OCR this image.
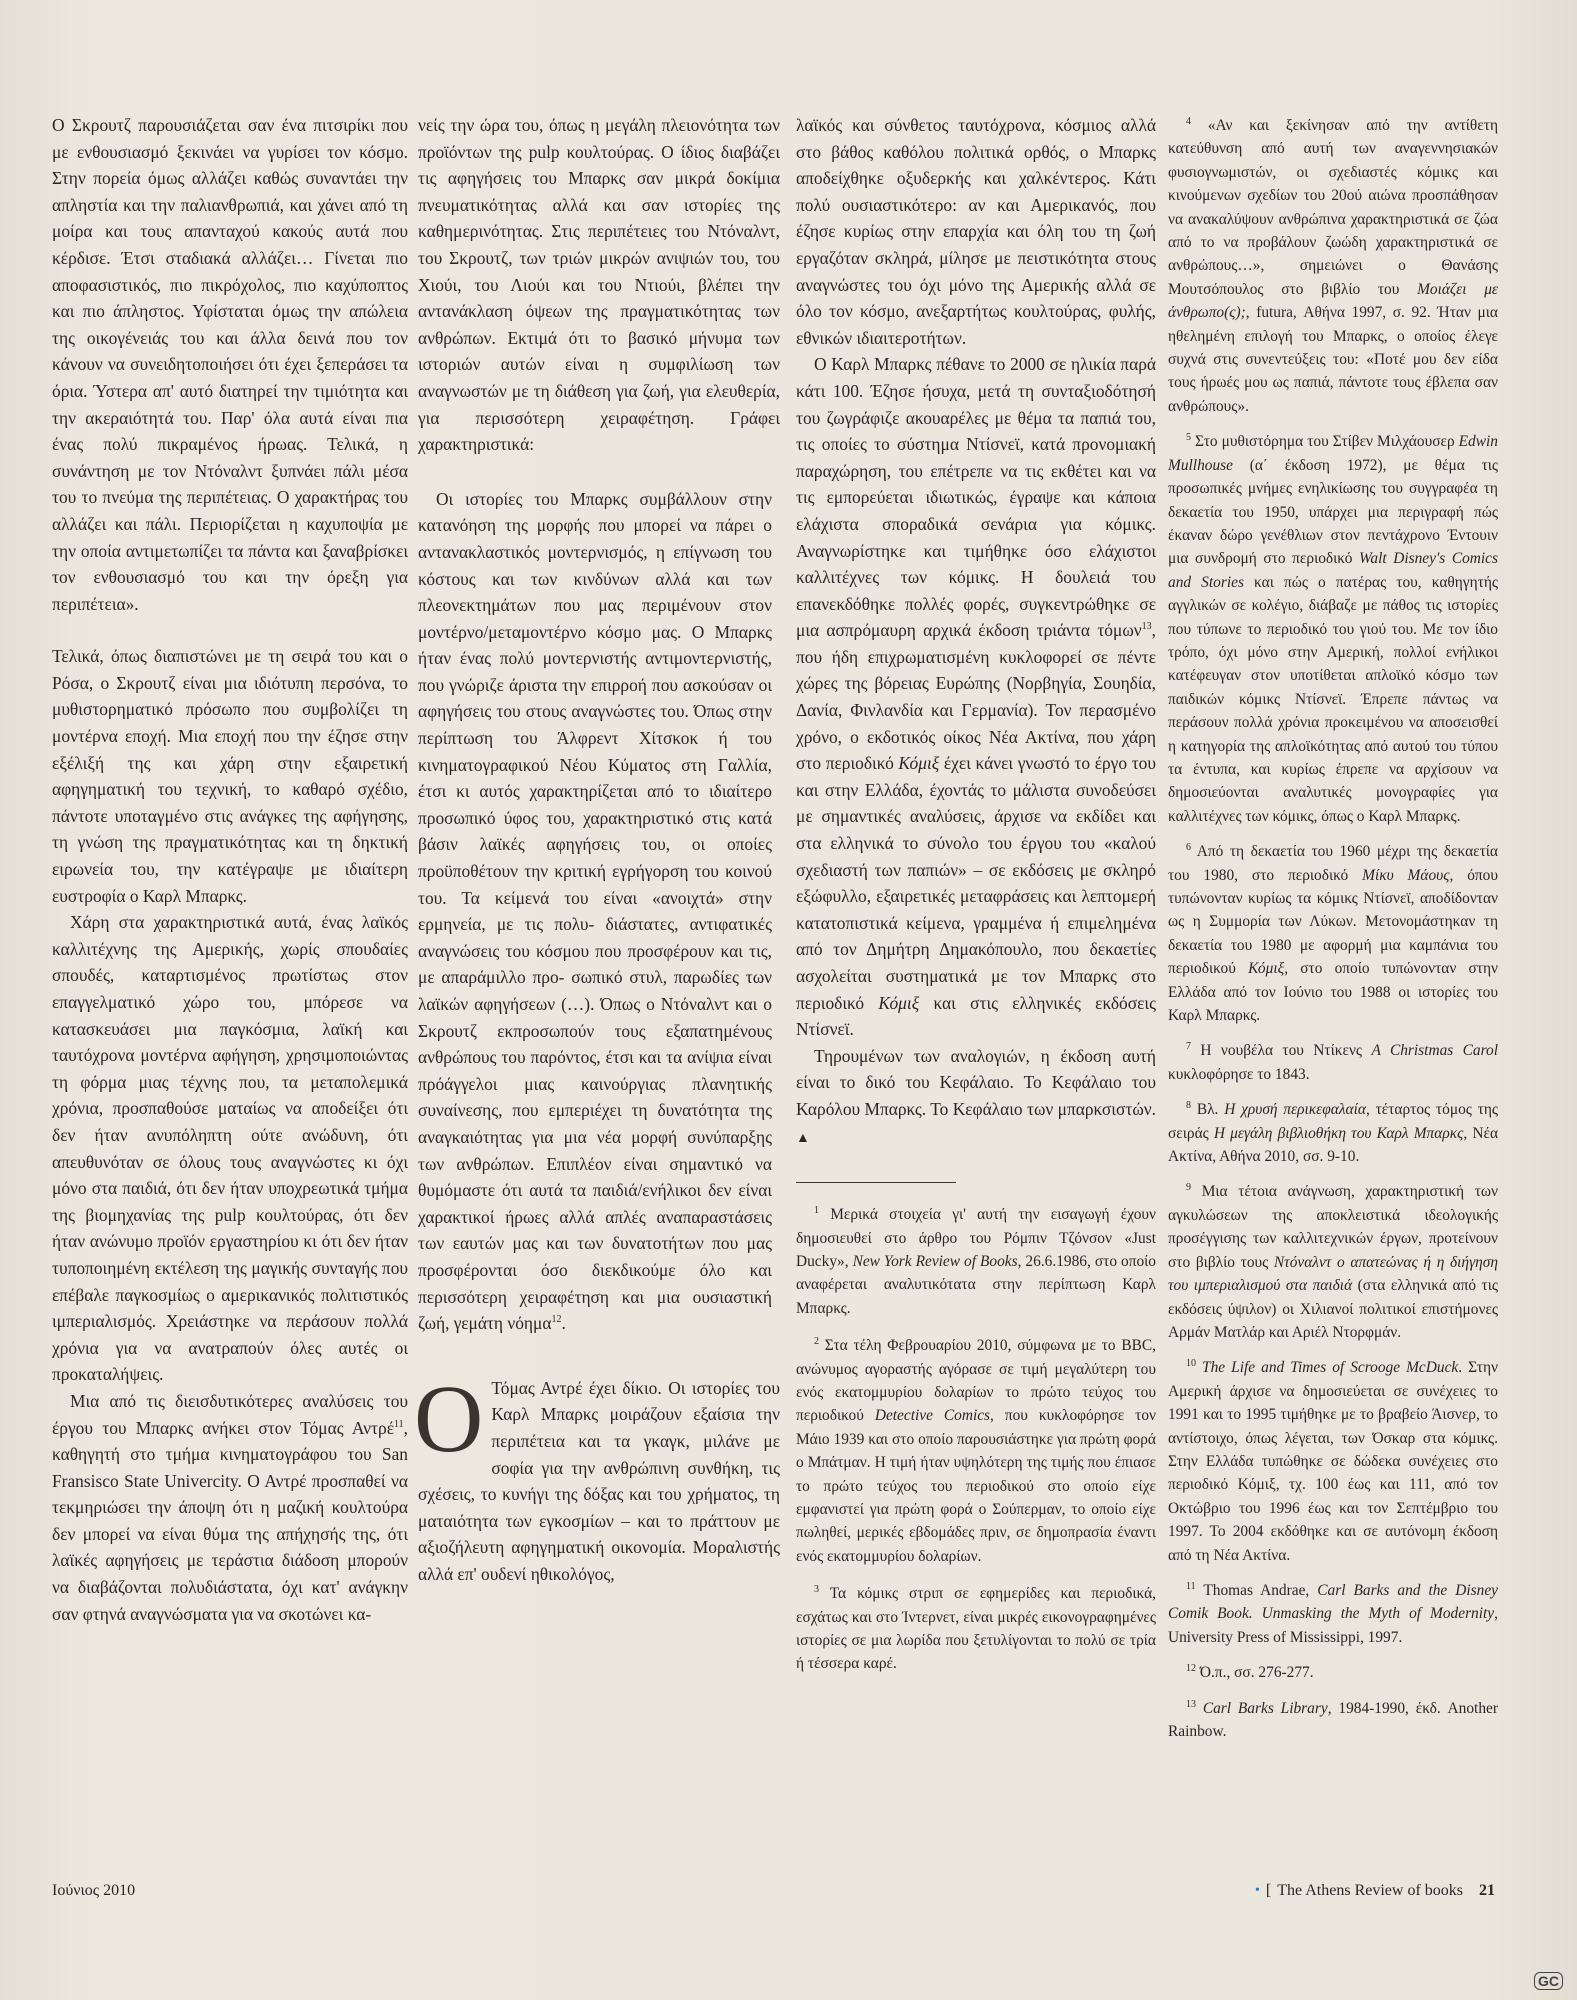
Ο Σκρουτζ παρουσιάζεται σαν ένα πιτσιρίκι που με ενθουσιασμό ξεκινάει να γυρίσει τον κόσμο. Στην πορεία όμως αλλάζει καθώς συναντάει την απληστία και την παλιανθρωπιά, και χάνει από τη μοίρα και τους απανταχού κακούς αυτά που κέρδισε. Έτσι σταδιακά αλλάζει… Γίνεται πιο αποφασιστικός, πιο πικρόχολος, πιο καχύποπτος και πιο άπληστος. Υφίσταται όμως την απώλεια της οικογένειάς του και άλλα δεινά που τον κάνουν να συνειδητοποιήσει ότι έχει ξεπεράσει τα όρια. Ύστερα απ' αυτό διατηρεί την τιμιότητα και την ακεραιότητά του. Παρ' όλα αυτά είναι πια ένας πολύ πικραμένος ήρωας. Τελικά, η συνάντηση με τον Ντόναλντ ξυπνάει πάλι μέσα του το πνεύμα της περιπέτειας. Ο χαρακτήρας του αλλάζει και πάλι. Περιορίζεται η καχυποψία με την οποία αντιμετωπίζει τα πάντα και ξαναβρίσκει τον ενθουσιασμό του και την όρεξη για περιπέτεια».

Τελικά, όπως διαπιστώνει με τη σειρά του και ο Ρόσα, ο Σκρουτζ είναι μια ιδιότυπη περσόνα, το μυθιστορηματικό πρόσωπο που συμβολίζει τη μοντέρνα εποχή. Μια εποχή που την έζησε στην εξέλιξή της και χάρη στην εξαιρετική αφηγηματική του τεχνική, το καθαρό σχέδιο, πάντοτε υποταγμένο στις ανάγκες της αφήγησης, τη γνώση της πραγματικότητας και τη δηκτική ειρωνεία του, την κατέγραψε με ιδιαίτερη ευστροφία ο Καρλ Μπαρκς.

Χάρη στα χαρακτηριστικά αυτά, ένας λαϊκός καλλιτέχνης της Αμερικής, χωρίς σπουδαίες σπουδές, καταρτισμένος πρωτίστως στον επαγγελματικό χώρο του, μπόρεσε να κατασκευάσει μια παγκόσμια, λαϊκή και ταυτόχρονα μοντέρνα αφήγηση, χρησιμοποιώντας τη φόρμα μιας τέχνης που, τα μεταπολεμικά χρόνια, προσπαθούσε ματαίως να αποδείξει ότι δεν ήταν ανυπόληπτη ούτε ανώδυνη, ότι απευθυνόταν σε όλους τους αναγνώστες κι όχι μόνο στα παιδιά, ότι δεν ήταν υποχρεωτικά τμήμα της βιομηχανίας της pulp κουλτούρας, ότι δεν ήταν ανώνυμο προϊόν εργαστηρίου κι ότι δεν ήταν τυποποιημένη εκτέλεση της μαγικής συνταγής που επέβαλε παγκοσμίως ο αμερικανικός πολιτιστικός ιμπεριαλισμός. Χρειάστηκε να περάσουν πολλά χρόνια για να ανατραπούν όλες αυτές οι προκαταλήψεις.

Μια από τις διεισδυτικότερες αναλύσεις του έργου του Μπαρκς ανήκει στον Τόμας Αντρέ$^{11}$, καθηγητή στο τμήμα κινηματογράφου του San Fransisco State Univercity. Ο Αντρέ προσπαθεί να τεκμηριώσει την άποψη ότι η μαζική κουλτούρα δεν μπορεί να είναι θύμα της απήχησής της, ότι λαϊκές αφηγήσεις με τεράστια διάδοση μπορούν να διαβάζονται πολυδιάστατα, όχι κατ' ανάγκην σαν φτηνά αναγνώσματα για να σκοτώνει κα-

νείς την ώρα του, όπως η μεγάλη πλειονότητα των προϊόντων της pulp κουλτούρας. Ο ίδιος διαβάζει τις αφηγήσεις του Μπαρκς σαν μικρά δοκίμια πνευματικότητας αλλά και σαν ιστορίες της καθημερινότητας. Στις περιπέτειες του Ντόναλντ, του Σκρουτζ, των τριών μικρών ανιψιών του, του Χιούι, του Λιούι και του Ντιούι, βλέπει την αντανάκλαση όψεων της πραγματικότητας των ανθρώπων. Εκτιμά ότι το βασικό μήνυμα των ιστοριών αυτών είναι η συμφιλίωση των αναγνωστών με τη διάθεση για ζωή, για ελευθερία, για περισσότερη χειραφέτηση. Γράφει χαρακτηριστικά:

Οι ιστορίες του Μπαρκς συμβάλλουν στην κατανόηση της μορφής που μπορεί να πάρει ο αντανακλαστικός μοντερνισμός, η επίγνωση του κόστους και των κινδύνων αλλά και των πλεονεκτημάτων που μας περιμένουν στον μοντέρνο/μεταμοντέρνο κόσμο μας. Ο Μπαρκς ήταν ένας πολύ μοντερνιστής αντιμοντερνιστής, που γνώριζε άριστα την επιρροή που ασκούσαν οι αφηγήσεις του στους αναγνώστες του. Όπως στην περίπτωση του Άλφρεντ Χίτσκοκ ή του κινηματογραφικού Νέου Κύματος στη Γαλλία, έτσι κι αυτός χαρακτηρίζεται από το ιδιαίτερο προσωπικό ύφος του, χαρακτηριστικό στις κατά βάσιν λαϊκές αφηγήσεις του, οι οποίες προϋποθέτουν την κριτική εγρήγορση του κοινού του. Τα κείμενά του είναι «ανοιχτά» στην ερμηνεία, με τις πολυ- διάστατες, αντιφατικές αναγνώσεις του κόσμου που προσφέρουν και τις, με απαράμιλλο προ- σωπικό στυλ, παρωδίες των λαϊκών αφηγήσεων (…). Όπως ο Ντόναλντ και ο Σκρουτζ εκπροσωπούν τους εξαπατημένους ανθρώπους του παρόντος, έτσι και τα ανίψια είναι πρόάγγελοι μιας καινούργιας πλανητικής συναίνεσης, που εμπεριέχει τη δυνατότητα της αναγκαιότητας για μια νέα μορφή συνύπαρξης των ανθρώπων. Επιπλέον είναι σημαντικό να θυμόμαστε ότι αυτά τα παιδιά/ενήλικοι δεν είναι χαρακτικοί ήρωες αλλά απλές αναπαραστάσεις των εαυτών μας και των δυνατοτήτων που μας προσφέρονται όσο διεκδικούμε όλο και περισσότερη χειραφέτηση και μια ουσιαστική ζωή, γεμάτη νόημα$^{12}$.

Ο Τόμας Αντρέ έχει δίκιο. Οι ιστορίες του Καρλ Μπαρκς μοιράζουν εξαίσια την περιπέτεια και τα γκαγκ, μιλάνε με σοφία για την ανθρώπινη συνθήκη, τις σχέσεις, το κυνήγι της δόξας και του χρήματος, τη ματαιότητα των εγκοσμίων – και το πράττουν με αξιοζήλευτη αφηγηματική οικονομία. Μοραλιστής αλλά επ' ουδενί ηθικολόγος,

λαϊκός και σύνθετος ταυτόχρονα, κόσμιος αλλά στο βάθος καθόλου πολιτικά ορθός, ο Μπαρκς αποδείχθηκε οξυδερκής και χαλκέντερος. Κάτι πολύ ουσιαστικότερο: αν και Αμερικανός, που έζησε κυρίως στην επαρχία και όλη του τη ζωή εργαζόταν σκληρά, μίλησε με πειστικότητα στους αναγνώστες του όχι μόνο της Αμερικής αλλά σε όλο τον κόσμο, ανεξαρτήτως κουλτούρας, φυλής, εθνικών ιδιαιτεροτήτων.

Ο Καρλ Μπαρκς πέθανε το 2000 σε ηλικία παρά κάτι 100. Έζησε ήσυχα, μετά τη συνταξιοδότησή του ζωγράφιζε ακουαρέλες με θέμα τα παπιά του, τις οποίες το σύστημα Ντίσνεϊ, κατά προνομιακή παραχώρηση, του επέτρεπε να τις εκθέτει και να τις εμπορεύεται ιδιωτικώς, έγραψε και κάποια ελάχιστα σποραδικά σενάρια για κόμικς. Αναγνωρίστηκε και τιμήθηκε όσο ελάχιστοι καλλιτέχνες των κόμικς. Η δουλειά του επανεκδόθηκε πολλές φορές, συγκεντρώθηκε σε μια ασπρόμαυρη αρχικά έκδοση τριάντα τόμων$^{13}$, που ήδη επιχρωματισμένη κυκλοφορεί σε πέντε χώρες της βόρειας Ευρώπης (Νορβηγία, Σουηδία, Δανία, Φινλανδία και Γερμανία). Τον περασμένο χρόνο, ο εκδοτικός οίκος Νέα Ακτίνα, που χάρη στο περιοδικό Κόμιξ έχει κάνει γνωστό το έργο του και στην Ελλάδα, έχοντάς το μάλιστα συνοδεύσει με σημαντικές αναλύσεις, άρχισε να εκδίδει και στα ελληνικά το σύνολο του έργου του «καλού σχεδιαστή των παπιών» – σε εκδόσεις με σκληρό εξώφυλλο, εξαιρετικές μεταφράσεις και λεπτομερή κατατοπιστικά κείμενα, γραμμένα ή επιμελημένα από τον Δημήτρη Δημακόπουλο, που δεκαετίες ασχολείται συστηματικά με τον Μπαρκς στο περιοδικό Κόμιξ και στις ελληνικές εκδόσεις Ντίσνεϊ.

Τηρουμένων των αναλογιών, η έκδοση αυτή είναι το δικό του Κεφάλαιο. Το Κεφάλαιο του Καρόλου Μπαρκς. Το Κεφάλαιο των μπαρκσιστών. ▲

$^1$ Μερικά στοιχεία γι' αυτή την εισαγωγή έχουν δημοσιευθεί στο άρθρο του Ρόμπιν Τζόνσον «Just Ducky», New York Review of Books, 26.6.1986, στο οποίο αναφέρεται αναλυτικότατα στην περίπτωση Καρλ Μπαρκς.

$^2$ Στα τέλη Φεβρουαρίου 2010, σύμφωνα με το BBC, ανώνυμος αγοραστής αγόρασε σε τιμή μεγαλύτερη του ενός εκατομμυρίου δολαρίων το πρώτο τεύχος του περιοδικού Detective Comics, που κυκλοφόρησε τον Μάιο 1939 και στο οποίο παρουσιάστηκε για πρώτη φορά ο Μπάτμαν. Η τιμή ήταν υψηλότερη της τιμής που έπιασε το πρώτο τεύχος του περιοδικού στο οποίο είχε εμφανιστεί για πρώτη φορά ο Σούπερμαν, το οποίο είχε πωληθεί, μερικές εβδομάδες πριν, σε δημοπρασία έναντι ενός εκατομμυρίου δολαρίων.

$^3$ Τα κόμικς στριπ σε εφημερίδες και περιοδικά, εσχάτως και στο Ίντερνετ, είναι μικρές εικονογραφημένες ιστορίες σε μια λωρίδα που ξετυλίγονται το πολύ σε τρία ή τέσσερα καρέ.

$^4$ «Αν και ξεκίνησαν από την αντίθετη κατεύθυνση από αυτή των αναγεννησιακών φυσιογνωμιστών, οι σχεδιαστές κόμικς και κινούμενων σχεδίων του 20ού αιώνα προσπάθησαν να ανακαλύψουν ανθρώπινα χαρακτηριστικά σε ζώα από το να προβάλουν ζωώδη χαρακτηριστικά σε ανθρώπους…», σημειώνει ο Θανάσης Μουτσόπουλος στο βιβλίο του Μοιάζει με άνθρωπο(ς);, futura, Αθήνα 1997, σ. 92. Ήταν μια ηθελημένη επιλογή του Μπαρκς, ο οποίος έλεγε συχνά στις συνεντεύξεις του: «Ποτέ μου δεν είδα τους ήρωές μου ως παπιά, πάντοτε τους έβλεπα σαν ανθρώπους».

$^5$ Στο μυθιστόρημα του Στίβεν Μιλχάουσερ Edwin Mullhouse (α΄ έκδοση 1972), με θέμα τις προσωπικές μνήμες ενηλικίωσης του συγγραφέα τη δεκαετία του 1950, υπάρχει μια περιγραφή πώς έκαναν δώρο γενέθλιων στον πεντάχρονο Έντουιν μια συνδρομή στο περιοδικό Walt Disney's Comics and Stories και πώς ο πατέρας του, καθηγητής αγγλικών σε κολέγιο, διάβαζε με πάθος τις ιστορίες που τύπωνε το περιοδικό του γιού του. Με τον ίδιο τρόπο, όχι μόνο στην Αμερική, πολλοί ενήλικοι κατέφευγαν στον υποτίθεται απλοϊκό κόσμο των παιδικών κόμικς Ντίσνεϊ. Έπρεπε πάντως να περάσουν πολλά χρόνια προκειμένου να αποσεισθεί η κατηγορία της απλοϊκότητας από αυτού του τύπου τα έντυπα, και κυρίως έπρεπε να αρχίσουν να δημοσιεύονται αναλυτικές μονογραφίες για καλλιτέχνες των κόμικς, όπως ο Καρλ Μπαρκς.

$^6$ Από τη δεκαετία του 1960 μέχρι της δεκαετία του 1980, στο περιοδικό Μίκυ Μάους, όπου τυπώνονταν κυρίως τα κόμικς Ντίσνεϊ, αποδίδονταν ως η Συμμορία των Λύκων. Μετονομάστηκαν τη δεκαετία του 1980 με αφορμή μια καμπάνια του περιοδικού Κόμιξ, στο οποίο τυπώνονταν στην Ελλάδα από τον Ιούνιο του 1988 οι ιστορίες του Καρλ Μπαρκς.

$^7$ Η νουβέλα του Ντίκενς A Christmas Carol κυκλοφόρησε το 1843.

$^8$ Βλ. Η χρυσή περικεφαλαία, τέταρτος τόμος της σειράς Η μεγάλη βιβλιοθήκη του Καρλ Μπαρκς, Νέα Ακτίνα, Αθήνα 2010, σσ. 9-10.

$^9$ Μια τέτοια ανάγνωση, χαρακτηριστική των αγκυλώσεων της αποκλειστικά ιδεολογικής προσέγγισης των καλλιτεχνικών έργων, προτείνουν στο βιβλίο τους Ντόναλντ ο απατεώνας ή η διήγηση του ιμπεριαλισμού στα παιδιά (στα ελληνικά από τις εκδόσεις ύψιλον) οι Χιλιανοί πολιτικοί επιστήμονες Αρμάν Ματλάρ και Αριέλ Ντορφμάν.

$^{10}$ The Life and Times of Scrooge McDuck. Στην Αμερική άρχισε να δημοσιεύεται σε συνέχειες το 1991 και το 1995 τιμήθηκε με το βραβείο Άισνερ, το αντίστοιχο, όπως λέγεται, των Όσκαρ στα κόμικς. Στην Ελλάδα τυπώθηκε σε δώδεκα συνέχειες στο περιοδικό Κόμιξ, τχ. 100 έως και 111, από τον Οκτώβριο του 1996 έως και τον Σεπτέμβριο του 1997. Το 2004 εκδόθηκε και σε αυτόνομη έκδοση από τη Νέα Ακτίνα.

$^{11}$ Thomas Andrae, Carl Barks and the Disney Comik Book. Unmasking the Myth of Modernity, University Press of Mississippi, 1997.

$^{12}$ Ό.π., σσ. 276-277.

$^{13}$ Carl Barks Library, 1984-1990, έκδ. Another Rainbow.

Ιούνιος 2010	• [ The Athens Review of books 21
GC
